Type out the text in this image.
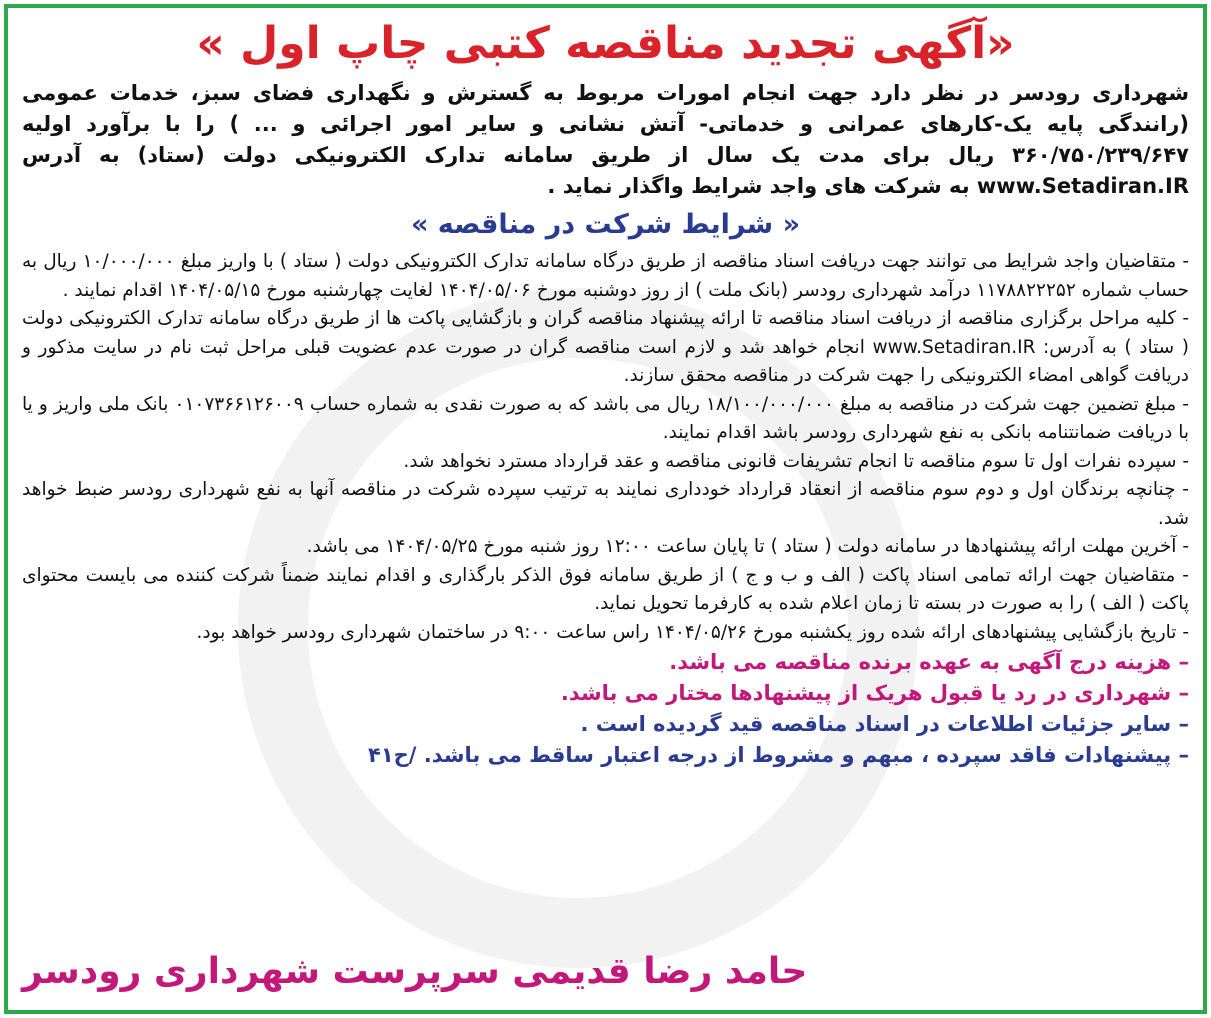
«آگهی تجدید مناقصه کتبی چاپ اول »

شهرداری رودسر در نظر دارد جهت انجام امورات مربوط به گسترش و نگهداری فضای سبز، خدمات عمومی (رانندگی پایه یک-کارهای عمرانی و خدماتی- آتش نشانی و سایر امور اجرائی و ... ) را با برآورد اولیه ۳۶۰/۷۵۰/۲۳۹/۶۴۷ ریال برای مدت یک سال از طریق سامانه تدارک الکترونیکی دولت (ستاد) به آدرس www.Setadiran.IR به شرکت های واجد شرایط واگذار نماید .

« شرایط شرکت در مناقصه »

- متقاضیان واجد شرایط می توانند جهت دریافت اسناد مناقصه از طریق درگاه سامانه تدارک الکترونیکی دولت ( ستاد ) با واریز مبلغ ۱۰/۰۰۰/۰۰۰ ریال به حساب شماره ۱۱۷۸۸۲۲۲۵۲ درآمد شهرداری رودسر (بانک ملت ) از روز دوشنبه مورخ ۱۴۰۴/۰۵/۰۶ لغایت چهارشنبه مورخ ۱۴۰۴/۰۵/۱۵ اقدام نمایند .

- کلیه مراحل برگزاری مناقصه از دریافت اسناد مناقصه تا ارائه پیشنهاد مناقصه گران و بازگشایی پاکت ها از طریق درگاه سامانه تدارک الکترونیکی دولت ( ستاد ) به آدرس: www.Setadiran.IR انجام خواهد شد و لازم است مناقصه گران در صورت عدم عضویت قبلی مراحل ثبت نام در سایت مذکور و دریافت گواهی امضاء الکترونیکی را جهت شرکت در مناقصه محقق سازند.

- مبلغ تضمین جهت شرکت در مناقصه به مبلغ ۱۸/۱۰۰/۰۰۰/۰۰۰ ریال می باشد که به صورت نقدی به شماره حساب ۰۱۰۷۳۶۶۱۲۶۰۰۹ بانک ملی واریز و یا با دریافت ضمانتنامه بانکی به نفع شهرداری رودسر باشد اقدام نمایند.

- سپرده نفرات اول تا سوم مناقصه تا انجام تشریفات قانونی مناقصه و عقد قرارداد مسترد نخواهد شد.

- چنانچه برندگان اول و دوم سوم مناقصه از انعقاد قرارداد خودداری نمایند به ترتیب سپرده شرکت در مناقصه آنها به نفع شهرداری رودسر ضبط خواهد شد.

- آخرین مهلت ارائه پیشنهادها در سامانه دولت ( ستاد ) تا پایان ساعت ۱۲:۰۰ روز شنبه مورخ ۱۴۰۴/۰۵/۲۵ می باشد.

- متقاضیان جهت ارائه تمامی اسناد پاکت ( الف و ب و ج ) از طریق سامانه فوق الذکر بارگذاری و اقدام نمایند ضمناً شرکت کننده می بایست محتوای پاکت ( الف ) را به صورت در بسته تا زمان اعلام شده به کارفرما تحویل نماید.

- تاریخ بازگشایی پیشنهادهای ارائه شده روز یکشنبه مورخ ۱۴۰۴/۰۵/۲۶ راس ساعت ۹:۰۰ در ساختمان شهرداری رودسر خواهد بود.

– هزینه درج آگهی به عهده برنده مناقصه می باشد.

– شهرداری در رد یا قبول هریک از پیشنهادها مختار می باشد.

– سایر جزئیات اطلاعات در اسناد مناقصه قید گردیده است .

– پیشنهادات فاقد سپرده ، مبهم و مشروط از درجه اعتبار ساقط می باشد. /ح۴۱

حامد رضا قدیمی سرپرست شهرداری رودسر
